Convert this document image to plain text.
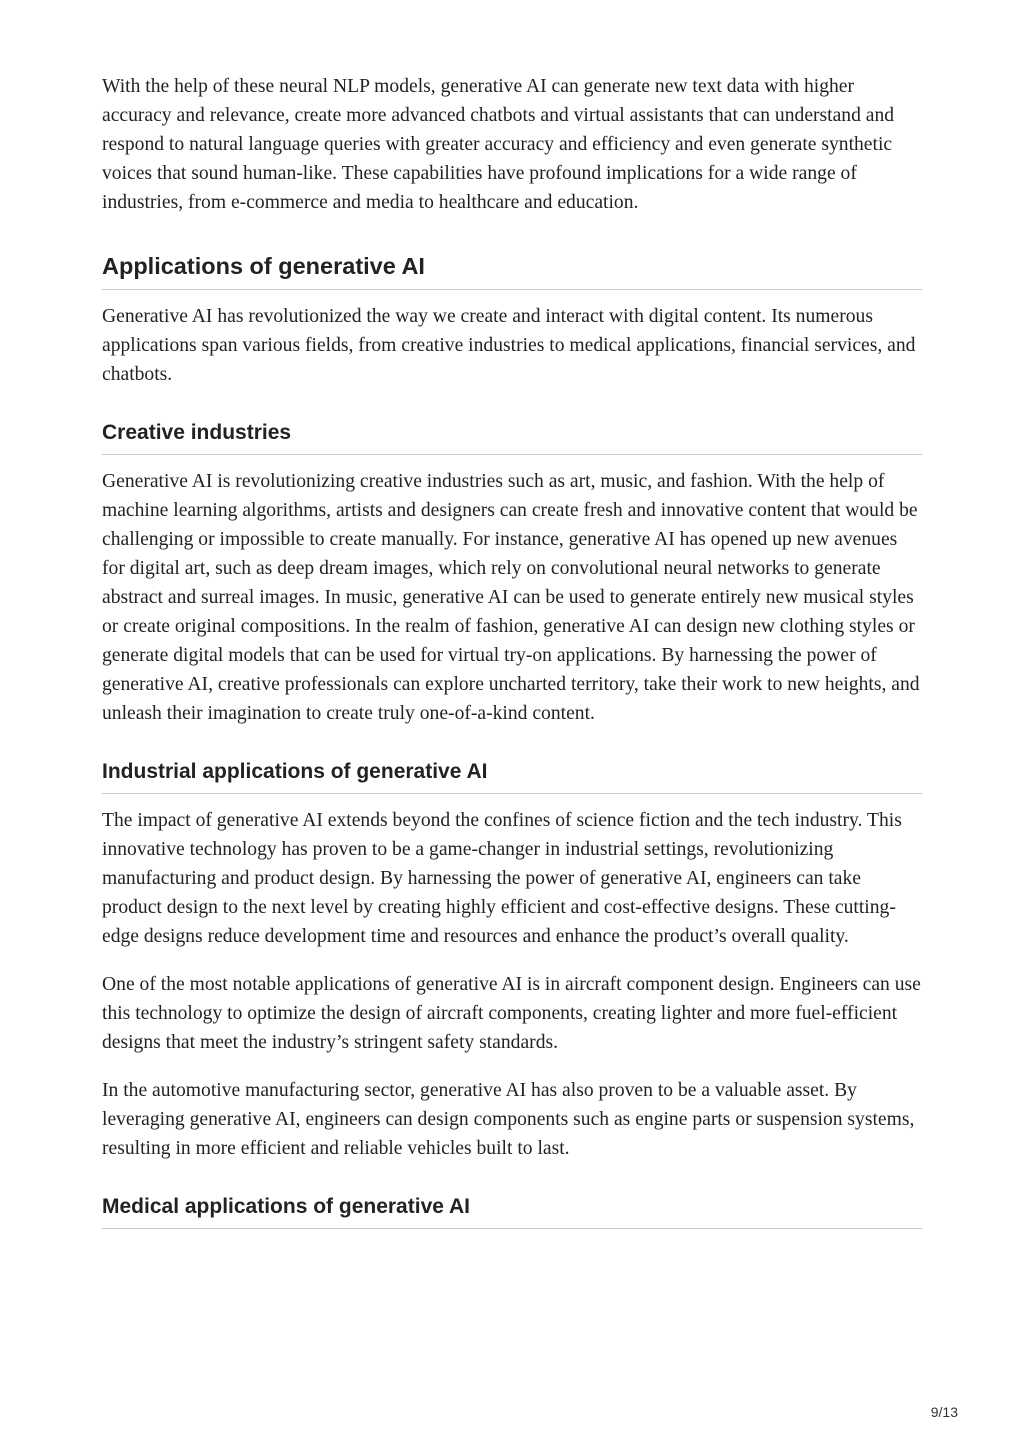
With the help of these neural NLP models, generative AI can generate new text data with higher accuracy and relevance, create more advanced chatbots and virtual assistants that can understand and respond to natural language queries with greater accuracy and efficiency and even generate synthetic voices that sound human-like. These capabilities have profound implications for a wide range of industries, from e-commerce and media to healthcare and education.

Applications of generative AI

Generative AI has revolutionized the way we create and interact with digital content. Its numerous applications span various fields, from creative industries to medical applications, financial services, and chatbots.

Creative industries

Generative AI is revolutionizing creative industries such as art, music, and fashion. With the help of machine learning algorithms, artists and designers can create fresh and innovative content that would be challenging or impossible to create manually. For instance, generative AI has opened up new avenues for digital art, such as deep dream images, which rely on convolutional neural networks to generate abstract and surreal images. In music, generative AI can be used to generate entirely new musical styles or create original compositions. In the realm of fashion, generative AI can design new clothing styles or generate digital models that can be used for virtual try-on applications. By harnessing the power of generative AI, creative professionals can explore uncharted territory, take their work to new heights, and unleash their imagination to create truly one-of-a-kind content.

Industrial applications of generative AI

The impact of generative AI extends beyond the confines of science fiction and the tech industry. This innovative technology has proven to be a game-changer in industrial settings, revolutionizing manufacturing and product design. By harnessing the power of generative AI, engineers can take product design to the next level by creating highly efficient and cost-effective designs. These cutting-edge designs reduce development time and resources and enhance the product’s overall quality.

One of the most notable applications of generative AI is in aircraft component design. Engineers can use this technology to optimize the design of aircraft components, creating lighter and more fuel-efficient designs that meet the industry’s stringent safety standards.

In the automotive manufacturing sector, generative AI has also proven to be a valuable asset. By leveraging generative AI, engineers can design components such as engine parts or suspension systems, resulting in more efficient and reliable vehicles built to last.

Medical applications of generative AI
9/13
